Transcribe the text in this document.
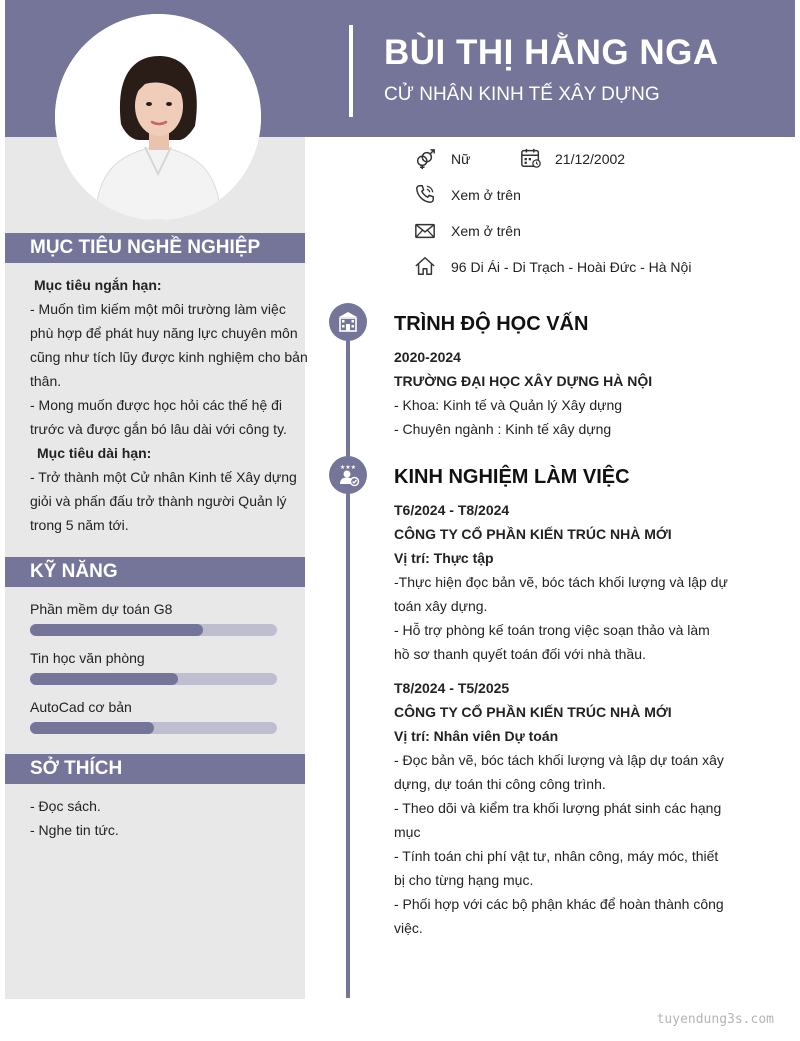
BÙI THỊ HẰNG NGA
CỬ NHÂN KINH TẾ XÂY DỰNG
MỤC TIÊU NGHỀ NGHIỆP
Mục tiêu ngắn hạn:
- Muốn tìm kiếm một môi trường làm việc
phù hợp để phát huy năng lực chuyên môn
cũng như tích lũy được kinh nghiệm cho bản
thân.
- Mong muốn được học hỏi các thế hệ đi
trước và được gắn bó lâu dài với công ty.
Mục tiêu dài hạn:
- Trở thành một Cử nhân Kinh tế Xây dựng
giỏi và phấn đấu trở thành người Quản lý
trong 5 năm tới.
KỸ NĂNG
Phần mềm dự toán G8
Tin học văn phòng
AutoCad cơ bản
SỞ THÍCH
- Đọc sách.
- Nghe tin tức.
Nữ	21/12/2002
Xem ở trên
Xem ở trên
96 Di Ái - Di Trạch - Hoài Đức - Hà Nội
★★★
TRÌNH ĐỘ HỌC VẤN
2020-2024
TRƯỜNG ĐẠI HỌC XÂY DỰNG HÀ NỘI
- Khoa: Kinh tế và Quản lý Xây dựng
- Chuyên ngành : Kinh tế xây dựng
KINH NGHIỆM LÀM VIỆC
T6/2024 - T8/2024
CÔNG TY CỔ PHẦN KIẾN TRÚC NHÀ MỚI
Vị trí: Thực tập
-Thực hiện đọc bản vẽ, bóc tách khối lượng và lập dự
toán xây dựng.
- Hỗ trợ phòng kế toán trong việc soạn thảo và làm
hồ sơ thanh quyết toán đối với nhà thầu.
T8/2024 - T5/2025
CÔNG TY CỔ PHẦN KIẾN TRÚC NHÀ MỚI
Vị trí: Nhân viên Dự toán
- Đọc bản vẽ, bóc tách khối lượng và lập dự toán xây
dựng, dự toán thi công công trình.
- Theo dõi và kiểm tra khối lượng phát sinh các hạng
mục
- Tính toán chi phí vật tư, nhân công, máy móc, thiết
bị cho từng hạng mục.
- Phối hợp với các bộ phận khác để hoàn thành công
việc.
tuyendung3s.com
